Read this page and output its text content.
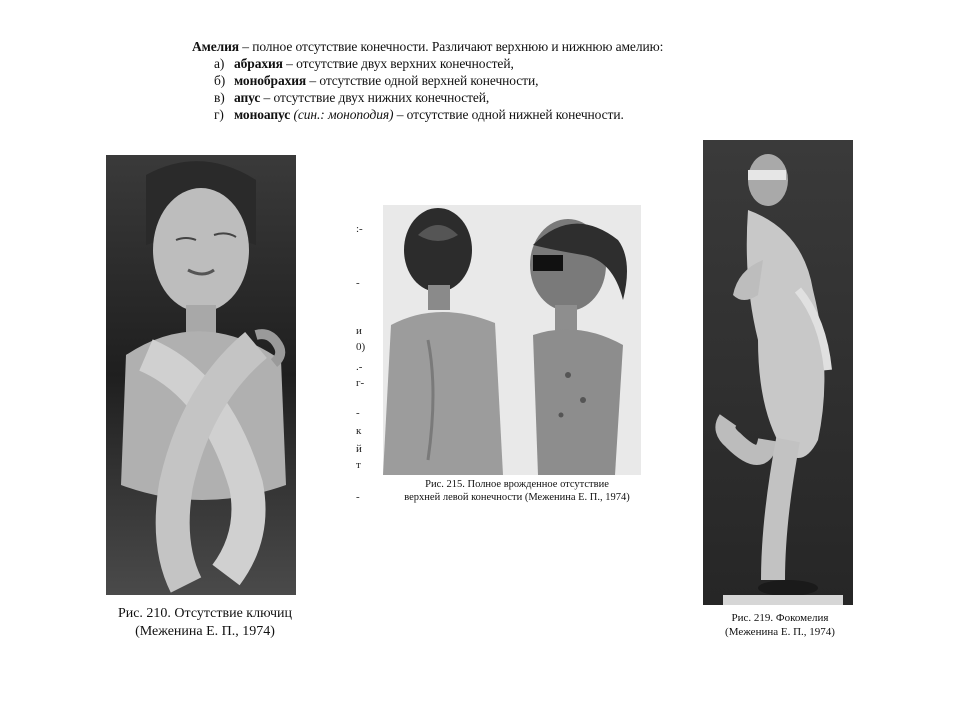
Амелия – полное отсутствие конечности. Различают верхнюю и нижнюю амелию:
а) абрахия – отсутствие двух верхних конечностей,
б) монобрахия – отсутствие одной верхней конечности,
в) апус – отсутствие двух нижних конечностей,
г) моноапус (син.: моноподия) – отсутствие одной нижней конечности.
:-
-
и
0)
.-
г-
-
к
й
т
-
Рис. 210. Отсутствие ключиц
(Меженина Е. П., 1974)
Рис. 215. Полное врожденное отсутствие
верхней левой конечности (Меженина Е. П., 1974)
Рис. 219. Фокомелия
(Меженина Е. П., 1974)
